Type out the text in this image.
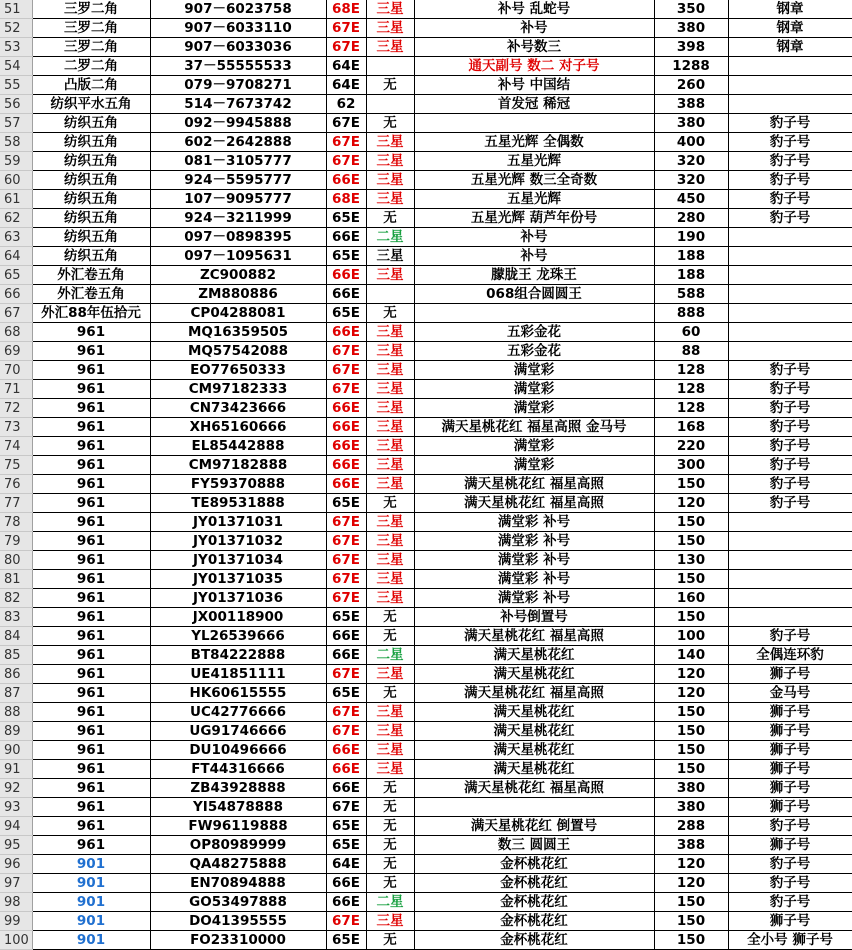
51	三罗二角	907－6023758	68E	三星	补号 乱蛇号	350	钢章
52	三罗二角	907－6033110	67E	三星	补号	380	钢章
53	三罗二角	907－6033036	67E	三星	补号数三	398	钢章
54	二罗二角	37－55555533	64E		通天副号 数二 对子号	1288	
55	凸版二角	079－9708271	64E	无	补号 中国结	260	
56	纺织平水五角	514－7673742	62		首发冠 稀冠	388	
57	纺织五角	092－9945888	67E	无		380	豹子号
58	纺织五角	602－2642888	67E	三星	五星光辉 全偶数	400	豹子号
59	纺织五角	081－3105777	67E	三星	五星光辉	320	豹子号
60	纺织五角	924－5595777	66E	三星	五星光辉 数三全奇数	320	豹子号
61	纺织五角	107－9095777	68E	三星	五星光辉	450	豹子号
62	纺织五角	924－3211999	65E	无	五星光辉 葫芦年份号	280	豹子号
63	纺织五角	097－0898395	66E	二星	补号	190	
64	纺织五角	097－1095631	65E	三星	补号	188	
65	外汇卷五角	ZC900882	66E	三星	朦胧王 龙珠王	188	
66	外汇卷五角	ZM880886	66E		068组合圆圆王	588	
67	外汇88年伍拾元	CP04288081	65E	无		888	
68	961	MQ16359505	66E	三星	五彩金花	60	
69	961	MQ57542088	67E	三星	五彩金花	88	
70	961	EO77650333	67E	三星	满堂彩	128	豹子号
71	961	CM97182333	67E	三星	满堂彩	128	豹子号
72	961	CN73423666	66E	三星	满堂彩	128	豹子号
73	961	XH65160666	66E	三星	满天星桃花红 福星高照 金马号	168	豹子号
74	961	EL85442888	66E	三星	满堂彩	220	豹子号
75	961	CM97182888	66E	三星	满堂彩	300	豹子号
76	961	FY59370888	66E	三星	满天星桃花红 福星高照	150	豹子号
77	961	TE89531888	65E	无	满天星桃花红 福星高照	120	豹子号
78	961	JY01371031	67E	三星	满堂彩 补号	150	
79	961	JY01371032	67E	三星	满堂彩 补号	150	
80	961	JY01371034	67E	三星	满堂彩 补号	130	
81	961	JY01371035	67E	三星	满堂彩 补号	150	
82	961	JY01371036	67E	三星	满堂彩 补号	160	
83	961	JX00118900	65E	无	补号倒置号	150	
84	961	YL26539666	66E	无	满天星桃花红 福星高照	100	豹子号
85	961	BT84222888	66E	二星	满天星桃花红	140	全偶连环豹
86	961	UE41851111	67E	三星	满天星桃花红	120	狮子号
87	961	HK60615555	65E	无	满天星桃花红 福星高照	120	金马号
88	961	UC42776666	67E	三星	满天星桃花红	150	狮子号
89	961	UG91746666	67E	三星	满天星桃花红	150	狮子号
90	961	DU10496666	66E	三星	满天星桃花红	150	狮子号
91	961	FT44316666	66E	三星	满天星桃花红	150	狮子号
92	961	ZB43928888	66E	无	满天星桃花红 福星高照	380	狮子号
93	961	YI54878888	67E	无		380	狮子号
94	961	FW96119888	65E	无	满天星桃花红 倒置号	288	豹子号
95	961	OP80989999	65E	无	数三 圆圆王	388	狮子号
96	901	QA48275888	64E	无	金杯桃花红	120	豹子号
97	901	EN70894888	66E	无	金杯桃花红	120	豹子号
98	901	GO53497888	66E	二星	金杯桃花红	150	豹子号
99	901	DO41395555	67E	三星	金杯桃花红	150	狮子号
100	901	FO23310000	65E	无	金杯桃花红	150	全小号 狮子号
